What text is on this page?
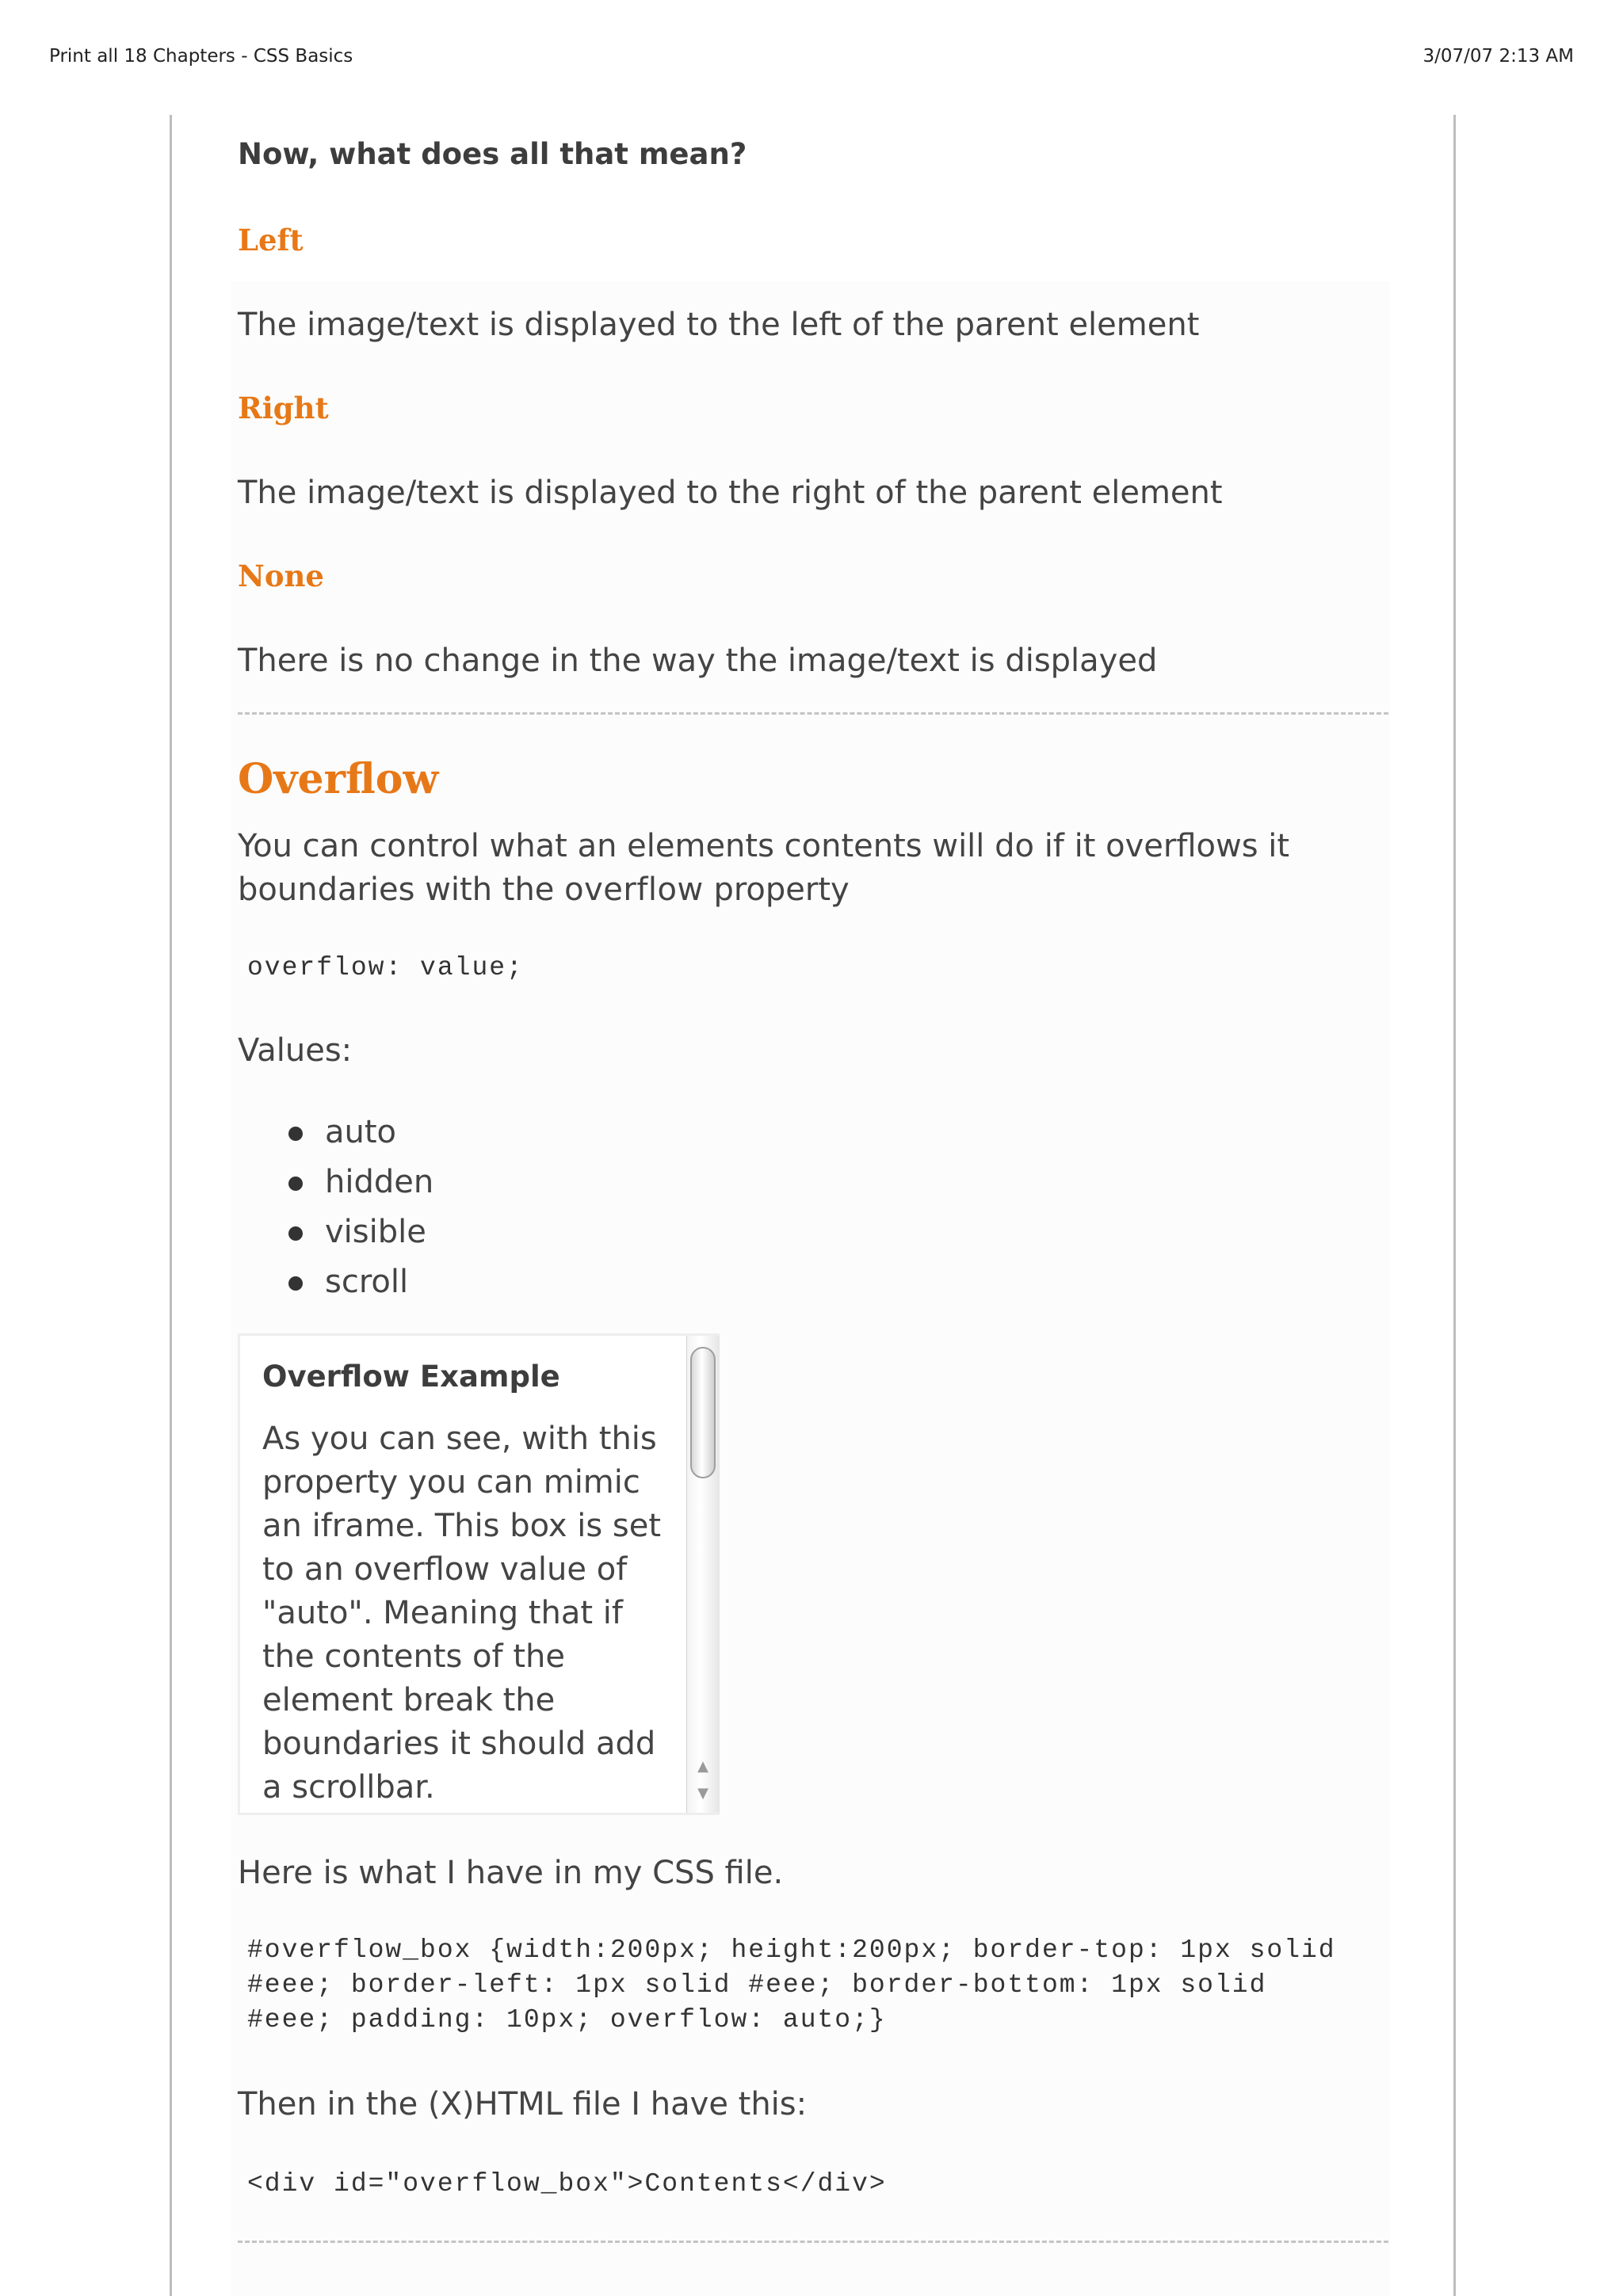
Print all 18 Chapters - CSS Basics	3/07/07 2:13 AM
Now, what does all that mean?
Left
The image/text is displayed to the left of the parent element
Right
The image/text is displayed to the right of the parent element
None
There is no change in the way the image/text is displayed
Overflow
You can control what an elements contents will do if it overflows it
boundaries with the overflow property
overflow: value;
Values:
auto
hidden
visible
scroll
Overflow Example
As you can see, with this
property you can mimic
an iframe. This box is set
to an overflow value of
"auto". Meaning that if
the contents of the
element break the
boundaries it should add
a scrollbar.
▲
▼
Here is what I have in my CSS file.
#overflow_box {width:200px; height:200px; border-top: 1px solid
#eee; border-left: 1px solid #eee; border-bottom: 1px solid
#eee; padding: 10px; overflow: auto;}
Then in the (X)HTML file I have this:
<div id="overflow_box">Contents</div>
